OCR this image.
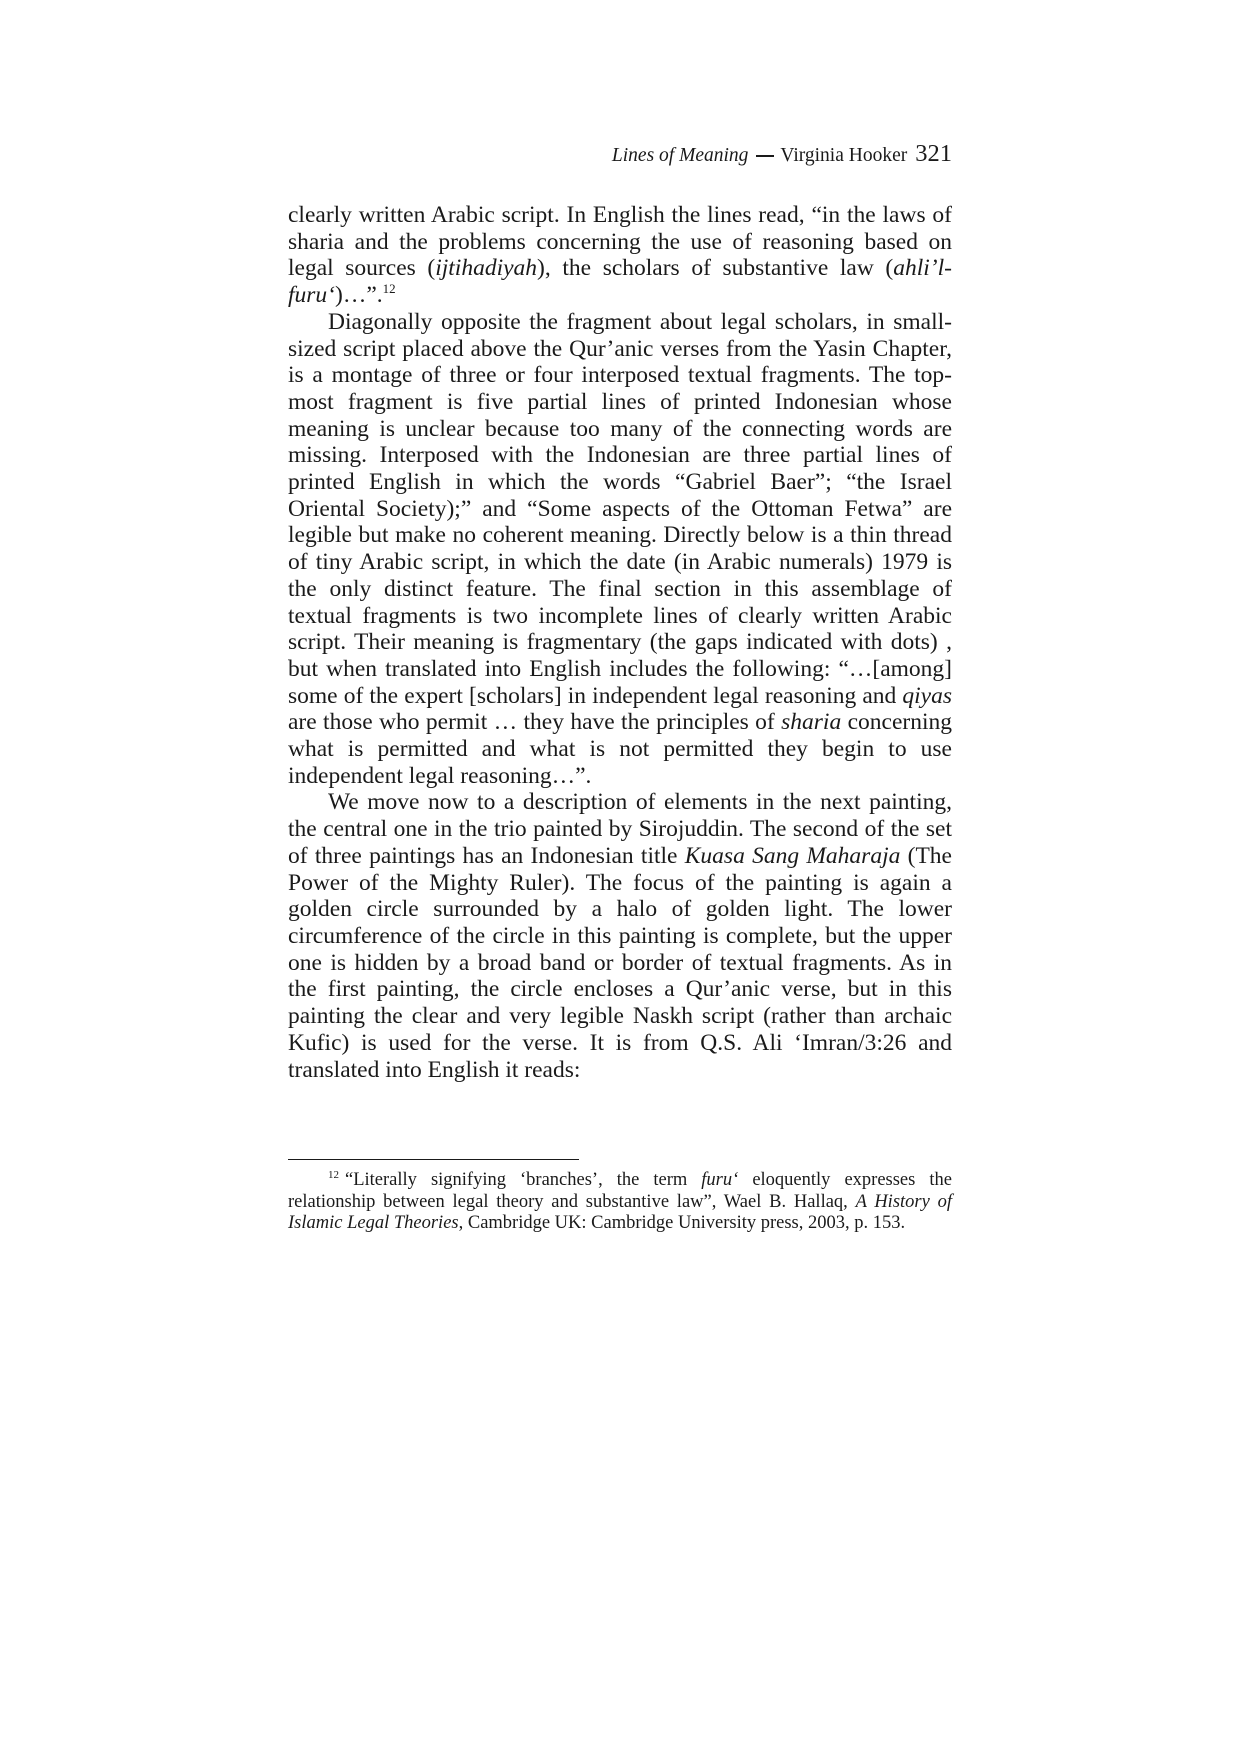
Lines of Meaning Virginia Hooker 321

clearly written Arabic script. In English the lines read, “in the laws of sharia and the problems concerning the use of reasoning based on legal sources (ijtihadiyah), the scholars of substantive law (ahli’l-furu‘)…”.$^{12}$

Diagonally opposite the fragment about legal scholars, in small-sized script placed above the Qur’anic verses from the Yasin Chapter, is a montage of three or four interposed textual fragments. The top-most fragment is five partial lines of printed Indonesian whose meaning is unclear because too many of the connecting words are missing. Interposed with the Indonesian are three partial lines of printed English in which the words “Gabriel Baer”; “the Israel Oriental Society);” and “Some aspects of the Ottoman Fetwa” are legible but make no coherent meaning. Directly below is a thin thread of tiny Arabic script, in which the date (in Arabic numerals) 1979 is the only distinct feature. The final section in this assemblage of textual fragments is two incomplete lines of clearly written Arabic script. Their meaning is fragmentary (the gaps indicated with dots) , but when translated into English includes the following: “…[among] some of the expert [scholars] in independent legal reasoning and qiyas are those who permit … they have the principles of sharia concerning what is permitted and what is not permitted they begin to use independent legal reasoning…”.

We move now to a description of elements in the next painting, the central one in the trio painted by Sirojuddin. The second of the set of three paintings has an Indonesian title Kuasa Sang Maharaja (The Power of the Mighty Ruler). The focus of the painting is again a golden circle surrounded by a halo of golden light. The lower circumference of the circle in this painting is complete, but the upper one is hidden by a broad band or border of textual fragments. As in the first painting, the circle encloses a Qur’anic verse, but in this painting the clear and very legible Naskh script (rather than archaic Kufic) is used for the verse. It is from Q.S. Ali ‘Imran/3:26 and translated into English it reads:

$^{12}$ “Literally signifying ‘branches’, the term furu‘ eloquently expresses the relationship between legal theory and substantive law”, Wael B. Hallaq, A History of Islamic Legal Theories, Cambridge UK: Cambridge University press, 2003, p. 153.
